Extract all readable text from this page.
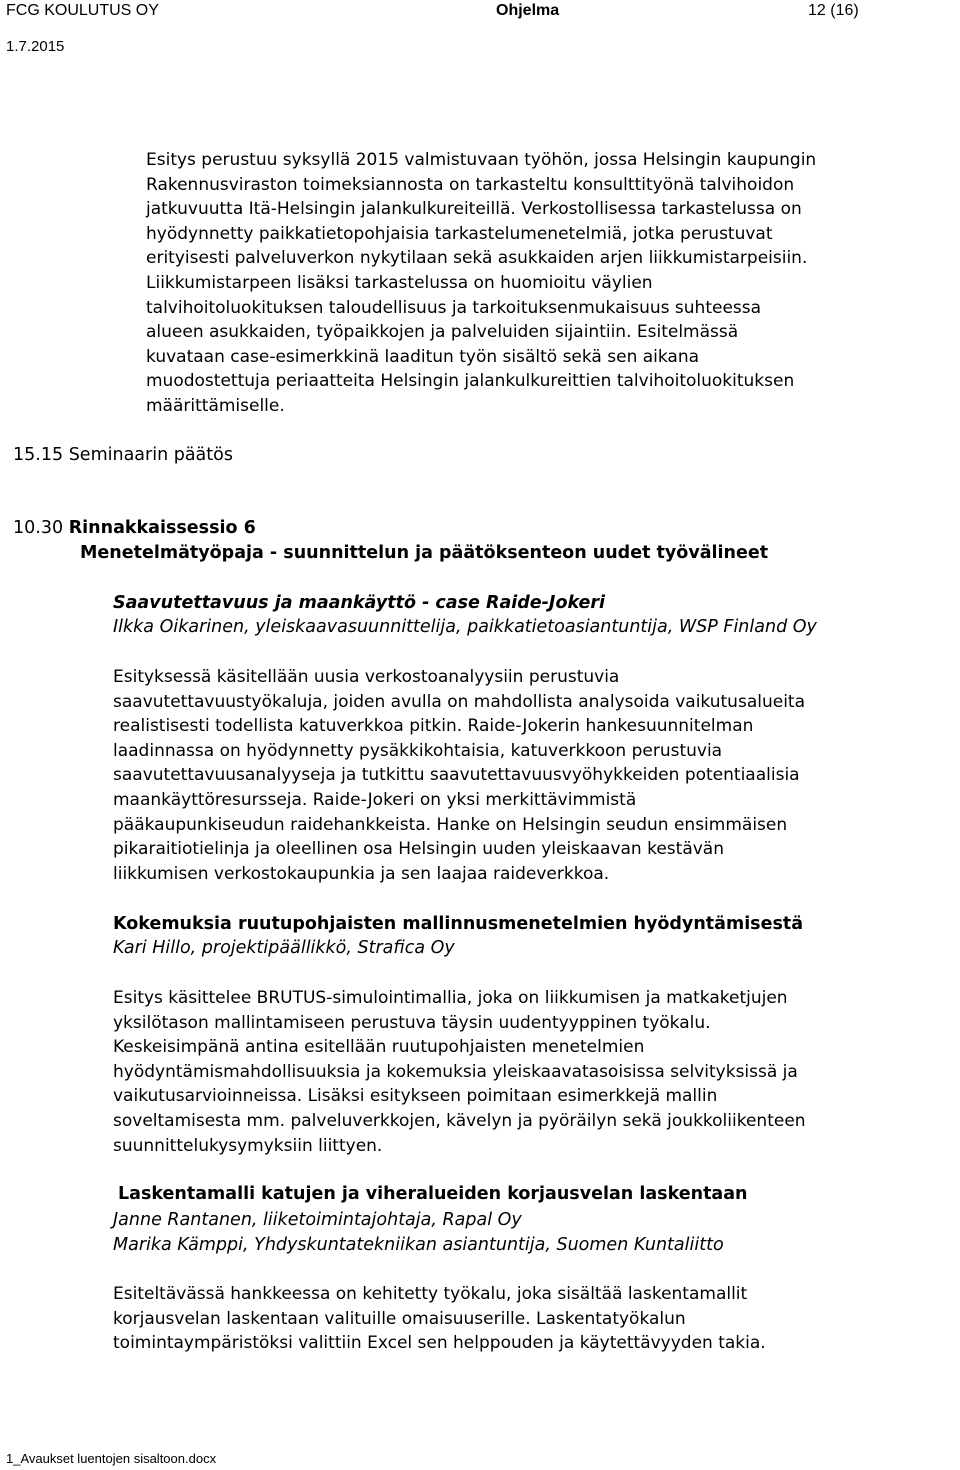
FCG KOULUTUS OY	Ohjelma	12 (16)
1.7.2015
Esitys perustuu syksyllä 2015 valmistuvaan työhön, jossa Helsingin kaupungin
Rakennusviraston toimeksiannosta on tarkasteltu konsulttityönä talvihoidon
jatkuvuutta Itä-Helsingin jalankulkureiteillä. Verkostollisessa tarkastelussa on
hyödynnetty paikkatietopohjaisia tarkastelumenetelmiä, jotka perustuvat
erityisesti palveluverkon nykytilaan sekä asukkaiden arjen liikkumistarpeisiin.
Liikkumistarpeen lisäksi tarkastelussa on huomioitu väylien
talvihoitoluokituksen taloudellisuus ja tarkoituksenmukaisuus suhteessa
alueen asukkaiden, työpaikkojen ja palveluiden sijaintiin. Esitelmässä
kuvataan case-esimerkkinä laaditun työn sisältö sekä sen aikana
muodostettuja periaatteita Helsingin jalankulkureittien talvihoitoluokituksen
määrittämiselle.
15.15 Seminaarin päätös
10.30 Rinnakkaissessio 6
Menetelmätyöpaja - suunnittelun ja päätöksenteon uudet työvälineet
Saavutettavuus ja maankäyttö - case Raide-Jokeri
Ilkka Oikarinen, yleiskaavasuunnittelija, paikkatietoasiantuntija, WSP Finland Oy
Esityksessä käsitellään uusia verkostoanalyysiin perustuvia
saavutettavuustyökaluja, joiden avulla on mahdollista analysoida vaikutusalueita
realistisesti todellista katuverkkoa pitkin. Raide-Jokerin hankesuunnitelman
laadinnassa on hyödynnetty pysäkkikohtaisia, katuverkkoon perustuvia
saavutettavuusanalyyseja ja tutkittu saavutettavuusvyöhykkeiden potentiaalisia
maankäyttöresursseja. Raide-Jokeri on yksi merkittävimmistä
pääkaupunkiseudun raidehankkeista. Hanke on Helsingin seudun ensimmäisen
pikaraitiotielinja ja oleellinen osa Helsingin uuden yleiskaavan kestävän
liikkumisen verkostokaupunkia ja sen laajaa raideverkkoa.
Kokemuksia ruutupohjaisten mallinnusmenetelmien hyödyntämisestä
Kari Hillo, projektipäällikkö, Strafica Oy
Esitys käsittelee BRUTUS-simulointimallia, joka on liikkumisen ja matkaketjujen
yksilötason mallintamiseen perustuva täysin uudentyyppinen työkalu.
Keskeisimpänä antina esitellään ruutupohjaisten menetelmien
hyödyntämismahdollisuuksia ja kokemuksia yleiskaavatasoisissa selvityksissä ja
vaikutusarvioinneissa. Lisäksi esitykseen poimitaan esimerkkejä mallin
soveltamisesta mm. palveluverkkojen, kävelyn ja pyöräilyn sekä joukkoliikenteen
suunnittelukysymyksiin liittyen.
Laskentamalli katujen ja viheralueiden korjausvelan laskentaan
Janne Rantanen, liiketoimintajohtaja, Rapal Oy
Marika Kämppi, Yhdyskuntatekniikan asiantuntija, Suomen Kuntaliitto
Esiteltävässä hankkeessa on kehitetty työkalu, joka sisältää laskentamallit
korjausvelan laskentaan valituille omaisuuserille. Laskentatyökalun
toimintaympäristöksi valittiin Excel sen helppouden ja käytettävyyden takia.
1_Avaukset luentojen sisaltoon.docx
